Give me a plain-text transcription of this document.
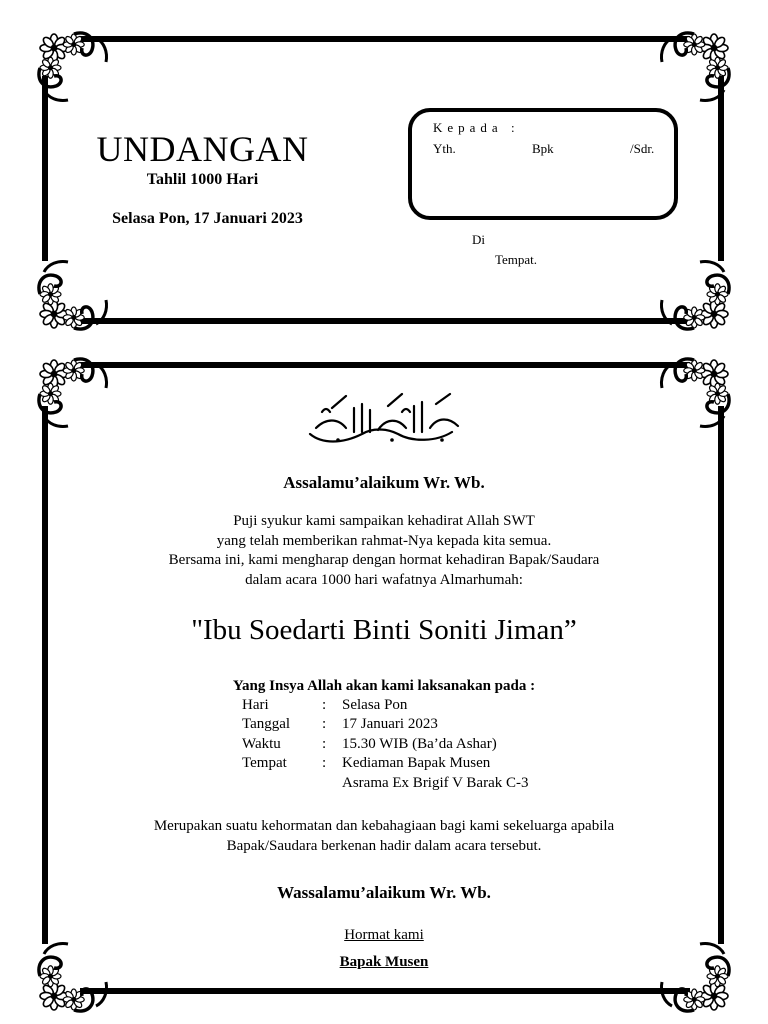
UNDANGAN
Tahlil 1000 Hari
Selasa Pon, 17 Januari 2023
Kepada :
Yth.	Bpk	/Sdr.
Di
Tempat.
Assalamu’alaikum Wr. Wb.
Puji syukur kami sampaikan kehadirat Allah SWT
yang telah memberikan rahmat-Nya kepada kita semua.
Bersama ini, kami mengharap dengan hormat kehadiran Bapak/Saudara
dalam acara 1000 hari wafatnya Almarhumah:
"Ibu Soedarti Binti Soniti Jiman”
Yang Insya Allah akan kami laksanakan pada :
Hari	: Selasa Pon
Tanggal : 17 Januari 2023
Waktu	: 15.30 WIB (Ba’da Ashar)
Tempat : Kediaman Bapak Musen
Asrama Ex Brigif V Barak C-3
Merupakan suatu kehormatan dan kebahagiaan bagi kami sekeluarga apabila
Bapak/Saudara berkenan hadir dalam acara tersebut.
Wassalamu’alaikum Wr. Wb.
Hormat kami
Bapak Musen
